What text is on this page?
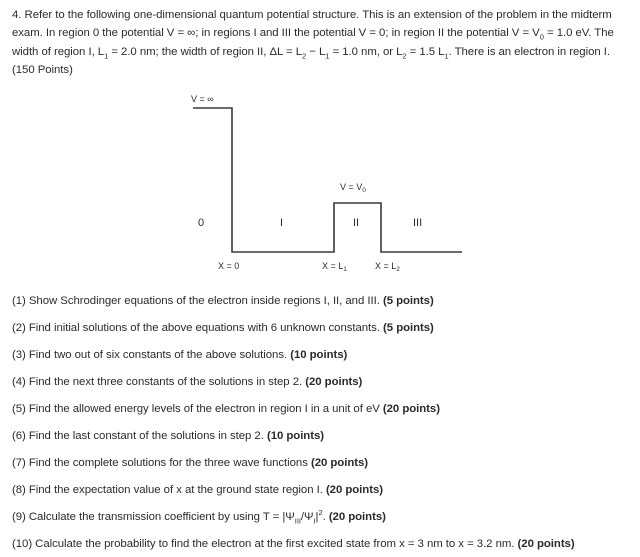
4. Refer to the following one-dimensional quantum potential structure. This is an extension of the problem in the midterm exam. In region 0 the potential V = ∞; in regions I and III the potential V = 0; in region II the potential $V = V_0 = 1.0$ eV. The width of region I, $L_1 = 2.0$ nm; the width of region II, $\Delta L = L_2 - L_1 = 1.0$ nm, or $L_2 = 1.5$ $L_1$. There is an electron in region I. (150 Points)
V = ∞
$V = V_0$
0	I	II	III
X = 0	$X = L_1$	$X = L_2$
(1) Show Schrodinger equations of the electron inside regions I, II, and III. (5 points)
(2) Find initial solutions of the above equations with 6 unknown constants. (5 points)
(3) Find two out of six constants of the above solutions. (10 points)
(4) Find the next three constants of the solutions in step 2. (20 points)
(5) Find the allowed energy levels of the electron in region I in a unit of eV (20 points)
(6) Find the last constant of the solutions in step 2. (10 points)
(7) Find the complete solutions for the three wave functions (20 points)
(8) Find the expectation value of x at the ground state region I. (20 points)
(9) Calculate the transmission coefficient by using $T = |\Psi_{III}/\Psi_I|^2$. (20 points)
(10) Calculate the probability to find the electron at the first excited state from x = 3 nm to x = 3.2 nm. (20 points)
